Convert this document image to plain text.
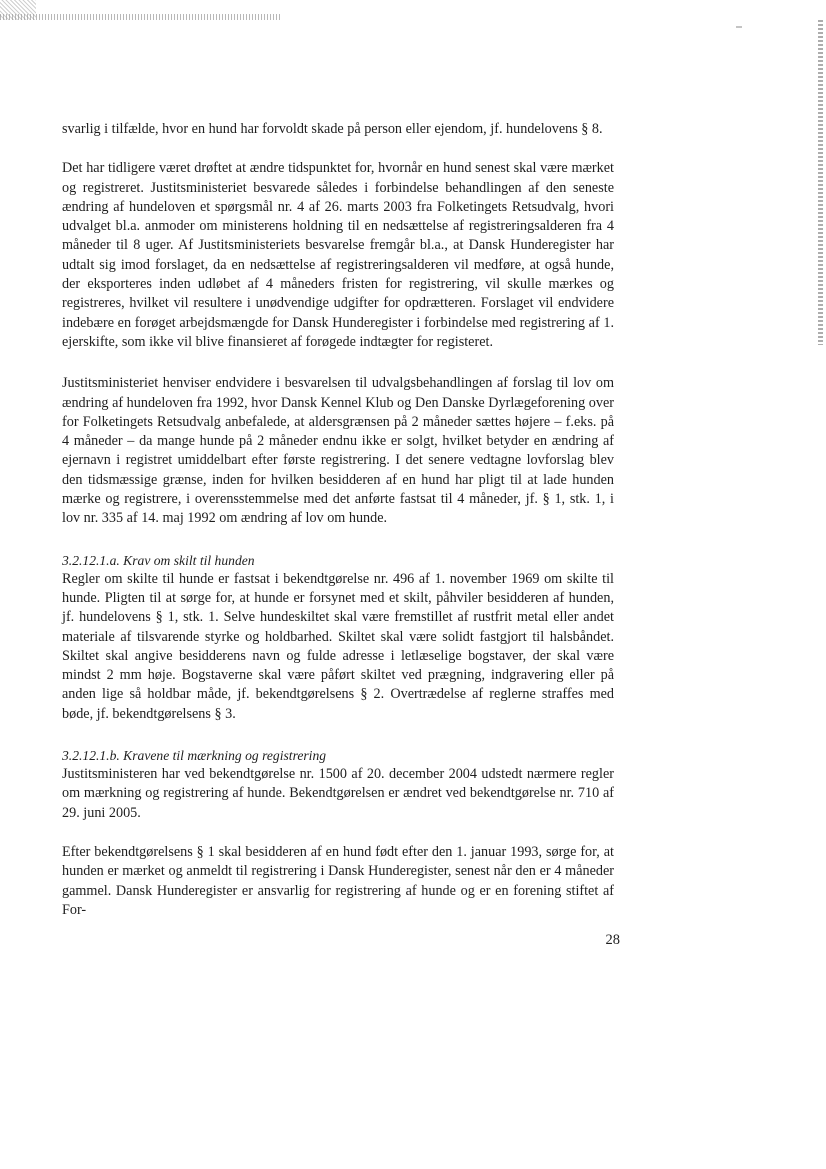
svarlig i tilfælde, hvor en hund har forvoldt skade på person eller ejendom, jf. hundelovens § 8.

Det har tidligere været drøftet at ændre tidspunktet for, hvornår en hund senest skal være mærket og registreret. Justitsministeriet besvarede således i forbindelse behandlingen af den seneste ændring af hundeloven et spørgsmål nr. 4 af 26. marts 2003 fra Folketingets Retsudvalg, hvori udvalget bl.a. anmoder om ministerens holdning til en nedsættelse af registreringsalderen fra 4 måneder til 8 uger. Af Justitsministeriets besvarelse fremgår bl.a., at Dansk Hunderegister har udtalt sig imod forslaget, da en nedsættelse af registreringsalderen vil medføre, at også hunde, der eksporteres inden udløbet af 4 måneders fristen for registrering, vil skulle mærkes og registreres, hvilket vil resultere i unødvendige udgifter for opdrætteren. Forslaget vil endvidere indebære en forøget arbejdsmængde for Dansk Hunderegister i forbindelse med registrering af 1. ejerskifte, som ikke vil blive finansieret af forøgede indtægter for registeret.

Justitsministeriet henviser endvidere i besvarelsen til udvalgsbehandlingen af forslag til lov om ændring af hundeloven fra 1992, hvor Dansk Kennel Klub og Den Danske Dyrlægeforening over for Folketingets Retsudvalg anbefalede, at aldersgrænsen på 2 måneder sættes højere – f.eks. på 4 måneder – da mange hunde på 2 måneder endnu ikke er solgt, hvilket betyder en ændring af ejernavn i registret umiddelbart efter første registrering. I det senere vedtagne lovforslag blev den tidsmæssige grænse, inden for hvilken besidderen af en hund har pligt til at lade hunden mærke og registrere, i overensstemmelse med det anførte fastsat til 4 måneder, jf. § 1, stk. 1, i lov nr. 335 af 14. maj 1992 om ændring af lov om hunde.

3.2.12.1.a. Krav om skilt til hunden

Regler om skilte til hunde er fastsat i bekendtgørelse nr. 496 af 1. november 1969 om skilte til hunde. Pligten til at sørge for, at hunde er forsynet med et skilt, påhviler besidderen af hunden, jf. hundelovens § 1, stk. 1. Selve hundeskiltet skal være fremstillet af rustfrit metal eller andet materiale af tilsvarende styrke og holdbarhed. Skiltet skal være solidt fastgjort til halsbåndet. Skiltet skal angive besidderens navn og fulde adresse i letlæselige bogstaver, der skal være mindst 2 mm høje. Bogstaverne skal være påført skiltet ved prægning, indgravering eller på anden lige så holdbar måde, jf. bekendtgørelsens § 2. Overtrædelse af reglerne straffes med bøde, jf. bekendtgørelsens § 3.

3.2.12.1.b. Kravene til mærkning og registrering

Justitsministeren har ved bekendtgørelse nr. 1500 af 20. december 2004 udstedt nærmere regler om mærkning og registrering af hunde. Bekendtgørelsen er ændret ved bekendtgørelse nr. 710 af 29. juni 2005.

Efter bekendtgørelsens § 1 skal besidderen af en hund født efter den 1. januar 1993, sørge for, at hunden er mærket og anmeldt til registrering i Dansk Hunderegister, senest når den er 4 måneder gammel. Dansk Hunderegister er ansvarlig for registrering af hunde og er en forening stiftet af For-

28
